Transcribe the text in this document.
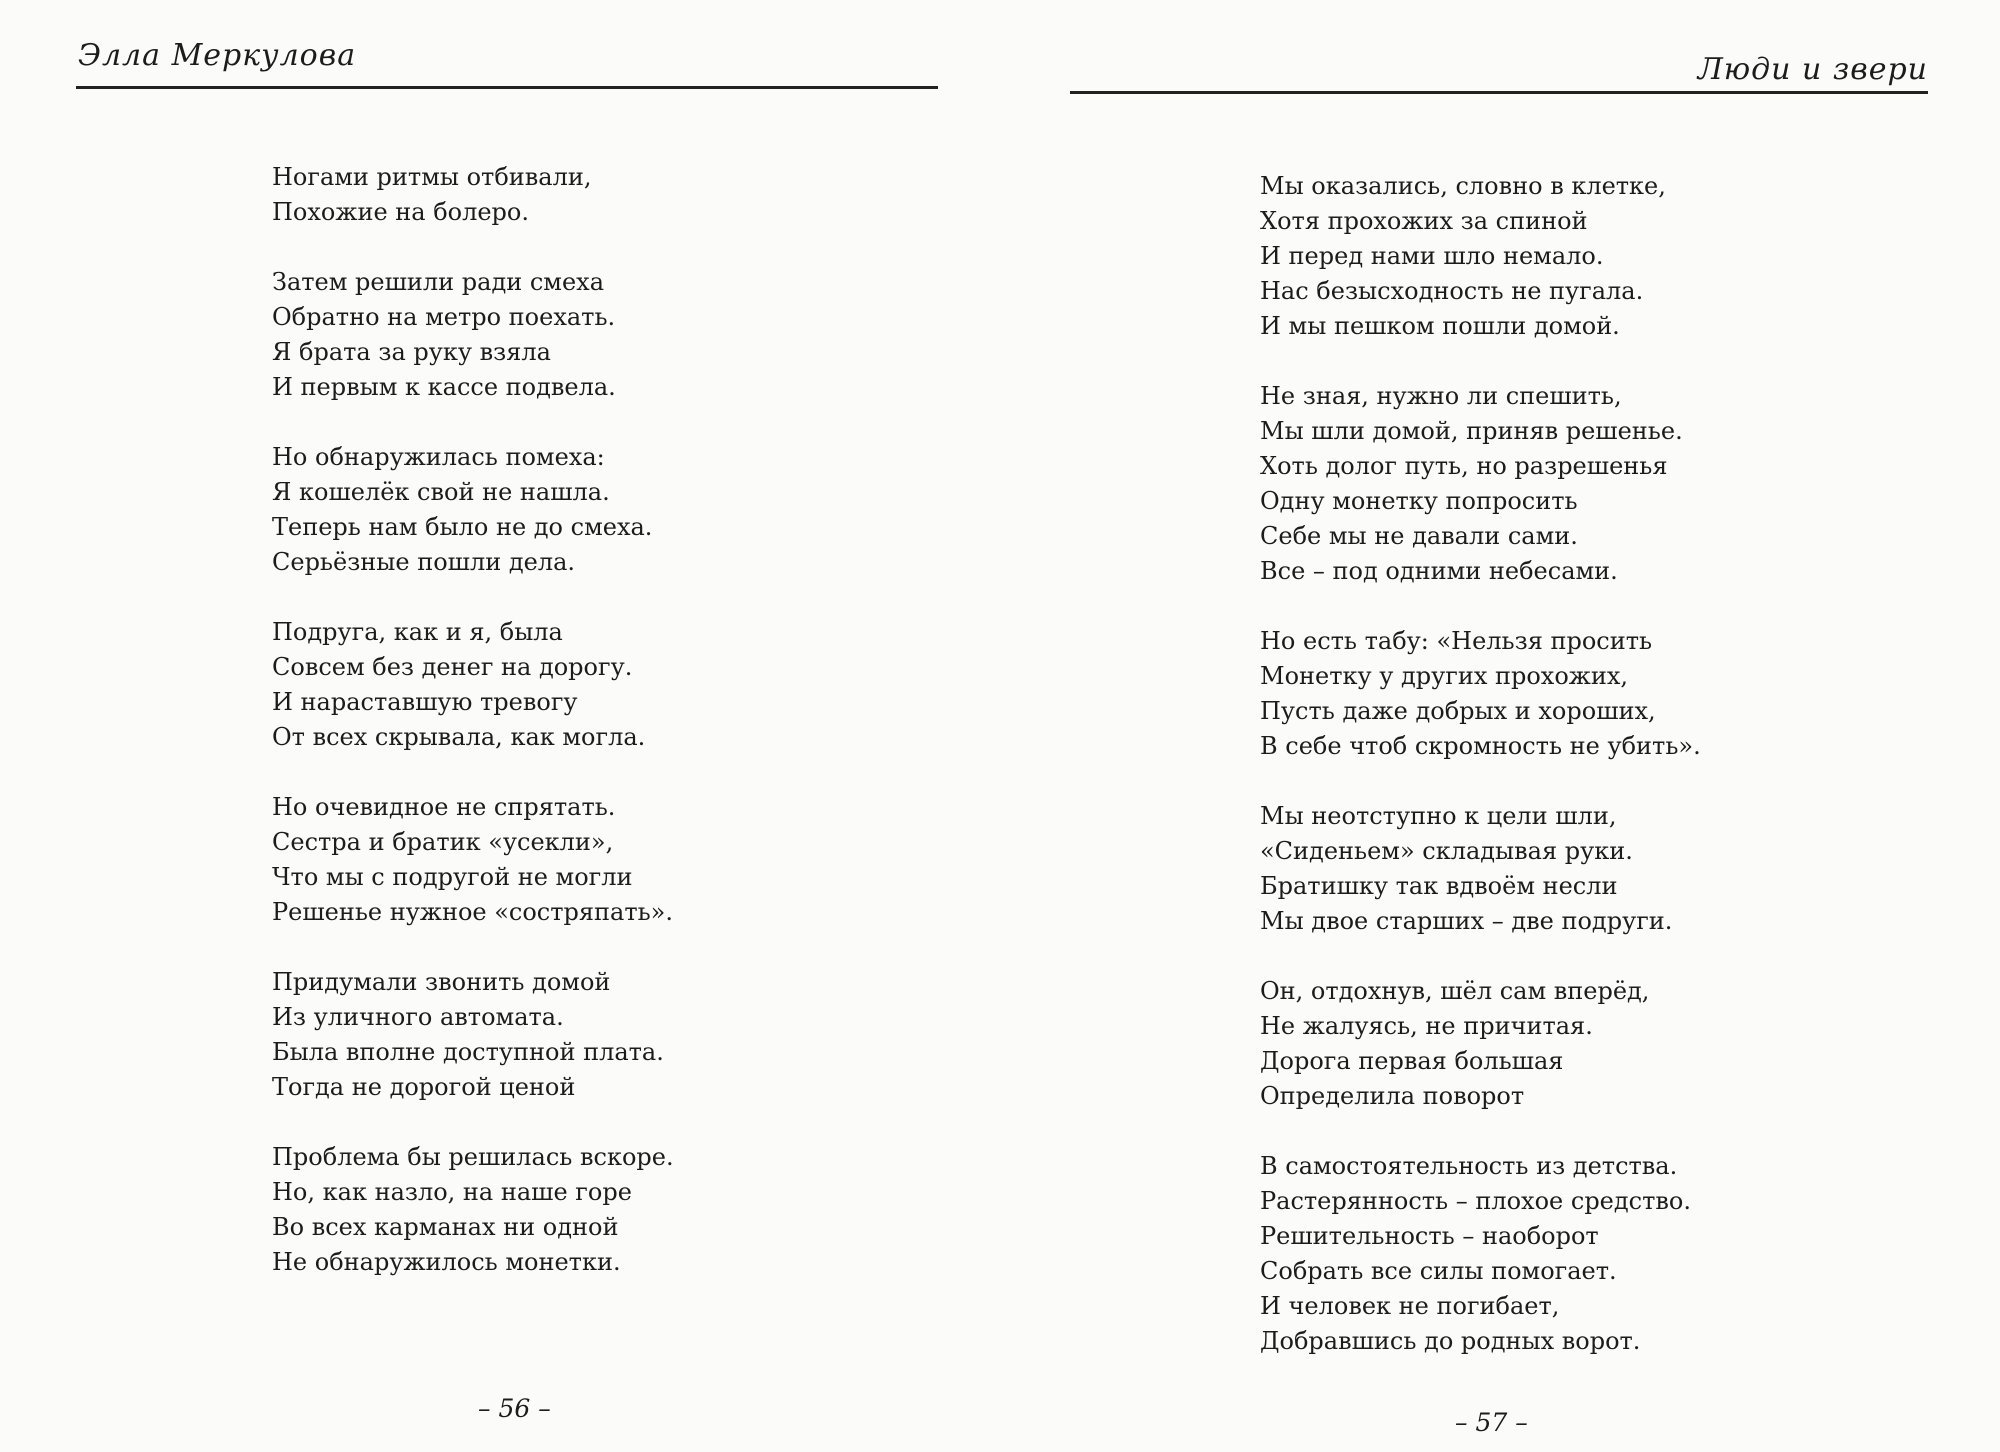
Элла Меркулова
Ногами ритмы отбивали,
Похожие на болеро.
Затем решили ради смеха
Обратно на метро поехать.
Я брата за руку взяла
И первым к кассе подвела.
Но обнаружилась помеха:
Я кошелёк свой не нашла.
Теперь нам было не до смеха.
Серьёзные пошли дела.
Подруга, как и я, была
Совсем без денег на дорогу.
И нараставшую тревогу
От всех скрывала, как могла.
Но очевидное не спрятать.
Сестра и братик «усекли»,
Что мы с подругой не могли
Решенье нужное «состряпать».
Придумали звонить домой
Из уличного автомата.
Была вполне доступной плата.
Тогда не дорогой ценой
Проблема бы решилась вскоре.
Но, как назло, на наше горе
Во всех карманах ни одной
Не обнаружилось монетки.
– 56 –
Люди и звери
Мы оказались, словно в клетке,
Хотя прохожих за спиной
И перед нами шло немало.
Нас безысходность не пугала.
И мы пешком пошли домой.
Не зная, нужно ли спешить,
Мы шли домой, приняв решенье.
Хоть долог путь, но разрешенья
Одну монетку попросить
Себе мы не давали сами.
Все – под одними небесами.
Но есть табу: «Нельзя просить
Монетку у других прохожих,
Пусть даже добрых и хороших,
В себе чтоб скромность не убить».
Мы неотступно к цели шли,
«Сиденьем» складывая руки.
Братишку так вдвоём несли
Мы двое старших – две подруги.
Он, отдохнув, шёл сам вперёд,
Не жалуясь, не причитая.
Дорога первая большая
Определила поворот
В самостоятельность из детства.
Растерянность – плохое средство.
Решительность – наоборот
Собрать все силы помогает.
И человек не погибает,
Добравшись до родных ворот.
– 57 –
